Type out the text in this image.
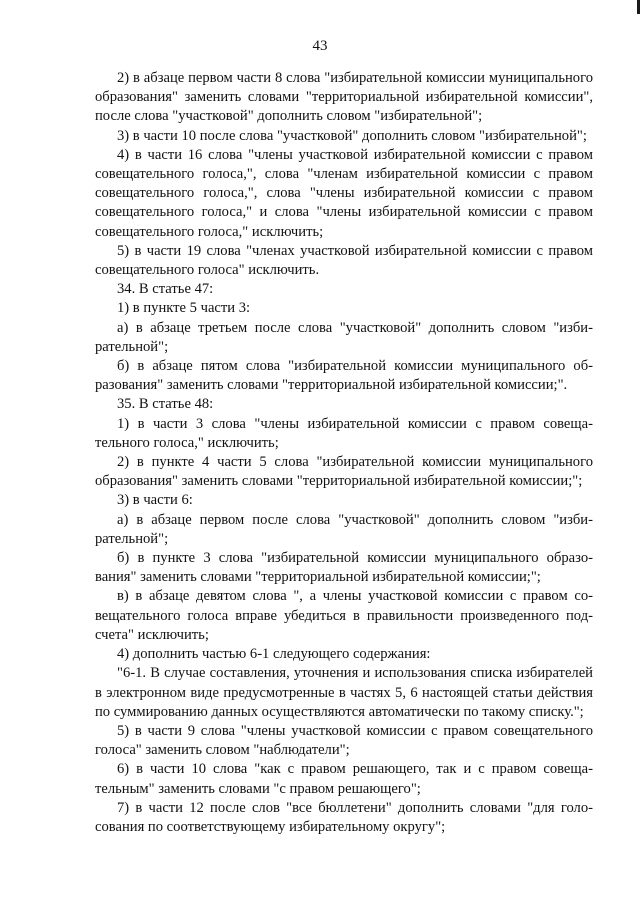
43

2) в абзаце первом части 8 слова "избирательной комиссии муниципального образования" заменить словами "территориальной избирательной комиссии", после слова "участковой" дополнить словом "избирательной";

3) в части 10 после слова "участковой" дополнить словом "избирательной";

4) в части 16 слова "члены участковой избирательной комиссии с правом совещательного голоса,", слова "членам избирательной комиссии с правом совещательного голоса,", слова "члены избирательной комиссии с правом совещательного голоса," и слова "члены избирательной комиссии с правом совещательного голоса," исключить;

5) в части 19 слова "членах участковой избирательной комиссии с правом совещательного голоса" исключить.

34. В статье 47:

1) в пункте 5 части 3:

а) в абзаце третьем после слова "участковой" дополнить словом "избирательной";

б) в абзаце пятом слова "избирательной комиссии муниципального образования" заменить словами "территориальной избирательной комиссии;".

35. В статье 48:

1) в части 3 слова "члены избирательной комиссии с правом совещательного голоса," исключить;

2) в пункте 4 части 5 слова "избирательной комиссии муниципального образования" заменить словами "территориальной избирательной комиссии;";

3) в части 6:

а) в абзаце первом после слова "участковой" дополнить словом "избирательной";

б) в пункте 3 слова "избирательной комиссии муниципального образования" заменить словами "территориальной избирательной комиссии;";

в) в абзаце девятом слова ", а члены участковой комиссии с правом совещательного голоса вправе убедиться в правильности произведенного подсчета" исключить;

4) дополнить частью 6-1 следующего содержания:

"6-1. В случае составления, уточнения и использования списка избирателей в электронном виде предусмотренные в частях 5, 6 настоящей статьи действия по суммированию данных осуществляются автоматически по такому списку.";

5) в части 9 слова "члены участковой комиссии с правом совещательного голоса" заменить словом "наблюдатели";

6) в части 10 слова "как с правом решающего, так и с правом совещательным" заменить словами "с правом решающего";

7) в части 12 после слов "все бюллетени" дополнить словами "для голосования по соответствующему избирательному округу";
